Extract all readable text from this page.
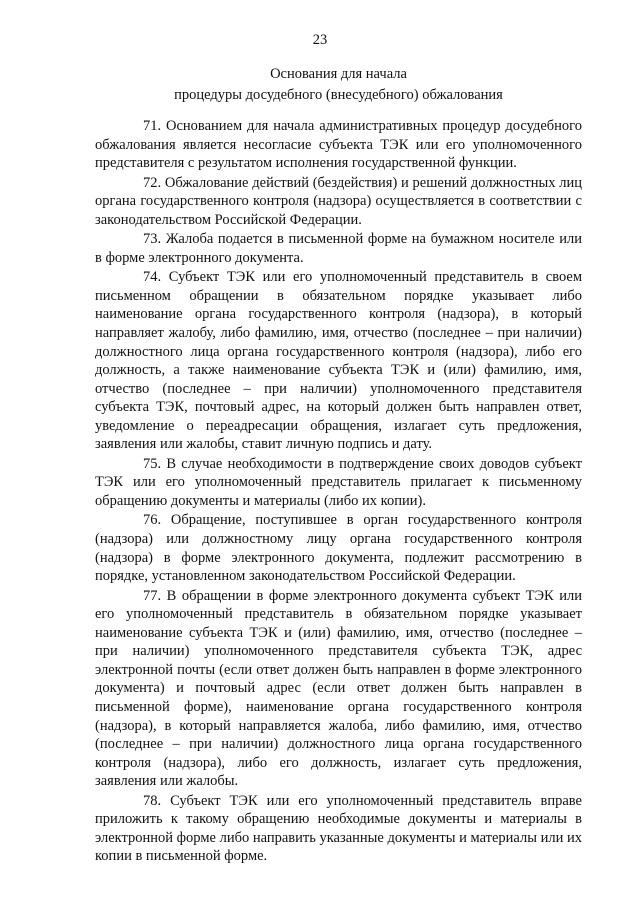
23
Основания для начала
процедуры досудебного (внесудебного) обжалования

71. Основанием для начала административных процедур досудебного обжалования является несогласие субъекта ТЭК или его уполномоченного представителя с результатом исполнения государственной функции.

72. Обжалование действий (бездействия) и решений должностных лиц органа государственного контроля (надзора) осуществляется в соответствии с законодательством Российской Федерации.

73. Жалоба подается в письменной форме на бумажном носителе или в форме электронного документа.

74. Субъект ТЭК или его уполномоченный представитель в своем письменном обращении в обязательном порядке указывает либо наименование органа государственного контроля (надзора), в который направляет жалобу, либо фамилию, имя, отчество (последнее – при наличии) должностного лица органа государственного контроля (надзора), либо его должность, а также наименование субъекта ТЭК и (или) фамилию, имя, отчество (последнее – при наличии) уполномоченного представителя субъекта ТЭК, почтовый адрес, на который должен быть направлен ответ, уведомление о переадресации обращения, излагает суть предложения, заявления или жалобы, ставит личную подпись и дату.

75. В случае необходимости в подтверждение своих доводов субъект ТЭК или его уполномоченный представитель прилагает к письменному обращению документы и материалы (либо их копии).

76. Обращение, поступившее в орган государственного контроля (надзора) или должностному лицу органа государственного контроля (надзора) в форме электронного документа, подлежит рассмотрению в порядке, установленном законодательством Российской Федерации.

77. В обращении в форме электронного документа субъект ТЭК или его уполномоченный представитель в обязательном порядке указывает наименование субъекта ТЭК и (или) фамилию, имя, отчество (последнее – при наличии) уполномоченного представителя субъекта ТЭК, адрес электронной почты (если ответ должен быть направлен в форме электронного документа) и почтовый адрес (если ответ должен быть направлен в письменной форме), наименование органа государственного контроля (надзора), в который направляется жалоба, либо фамилию, имя, отчество (последнее – при наличии) должностного лица органа государственного контроля (надзора), либо его должность, излагает суть предложения, заявления или жалобы.

78. Субъект ТЭК или его уполномоченный представитель вправе приложить к такому обращению необходимые документы и материалы в электронной форме либо направить указанные документы и материалы или их копии в письменной форме.
